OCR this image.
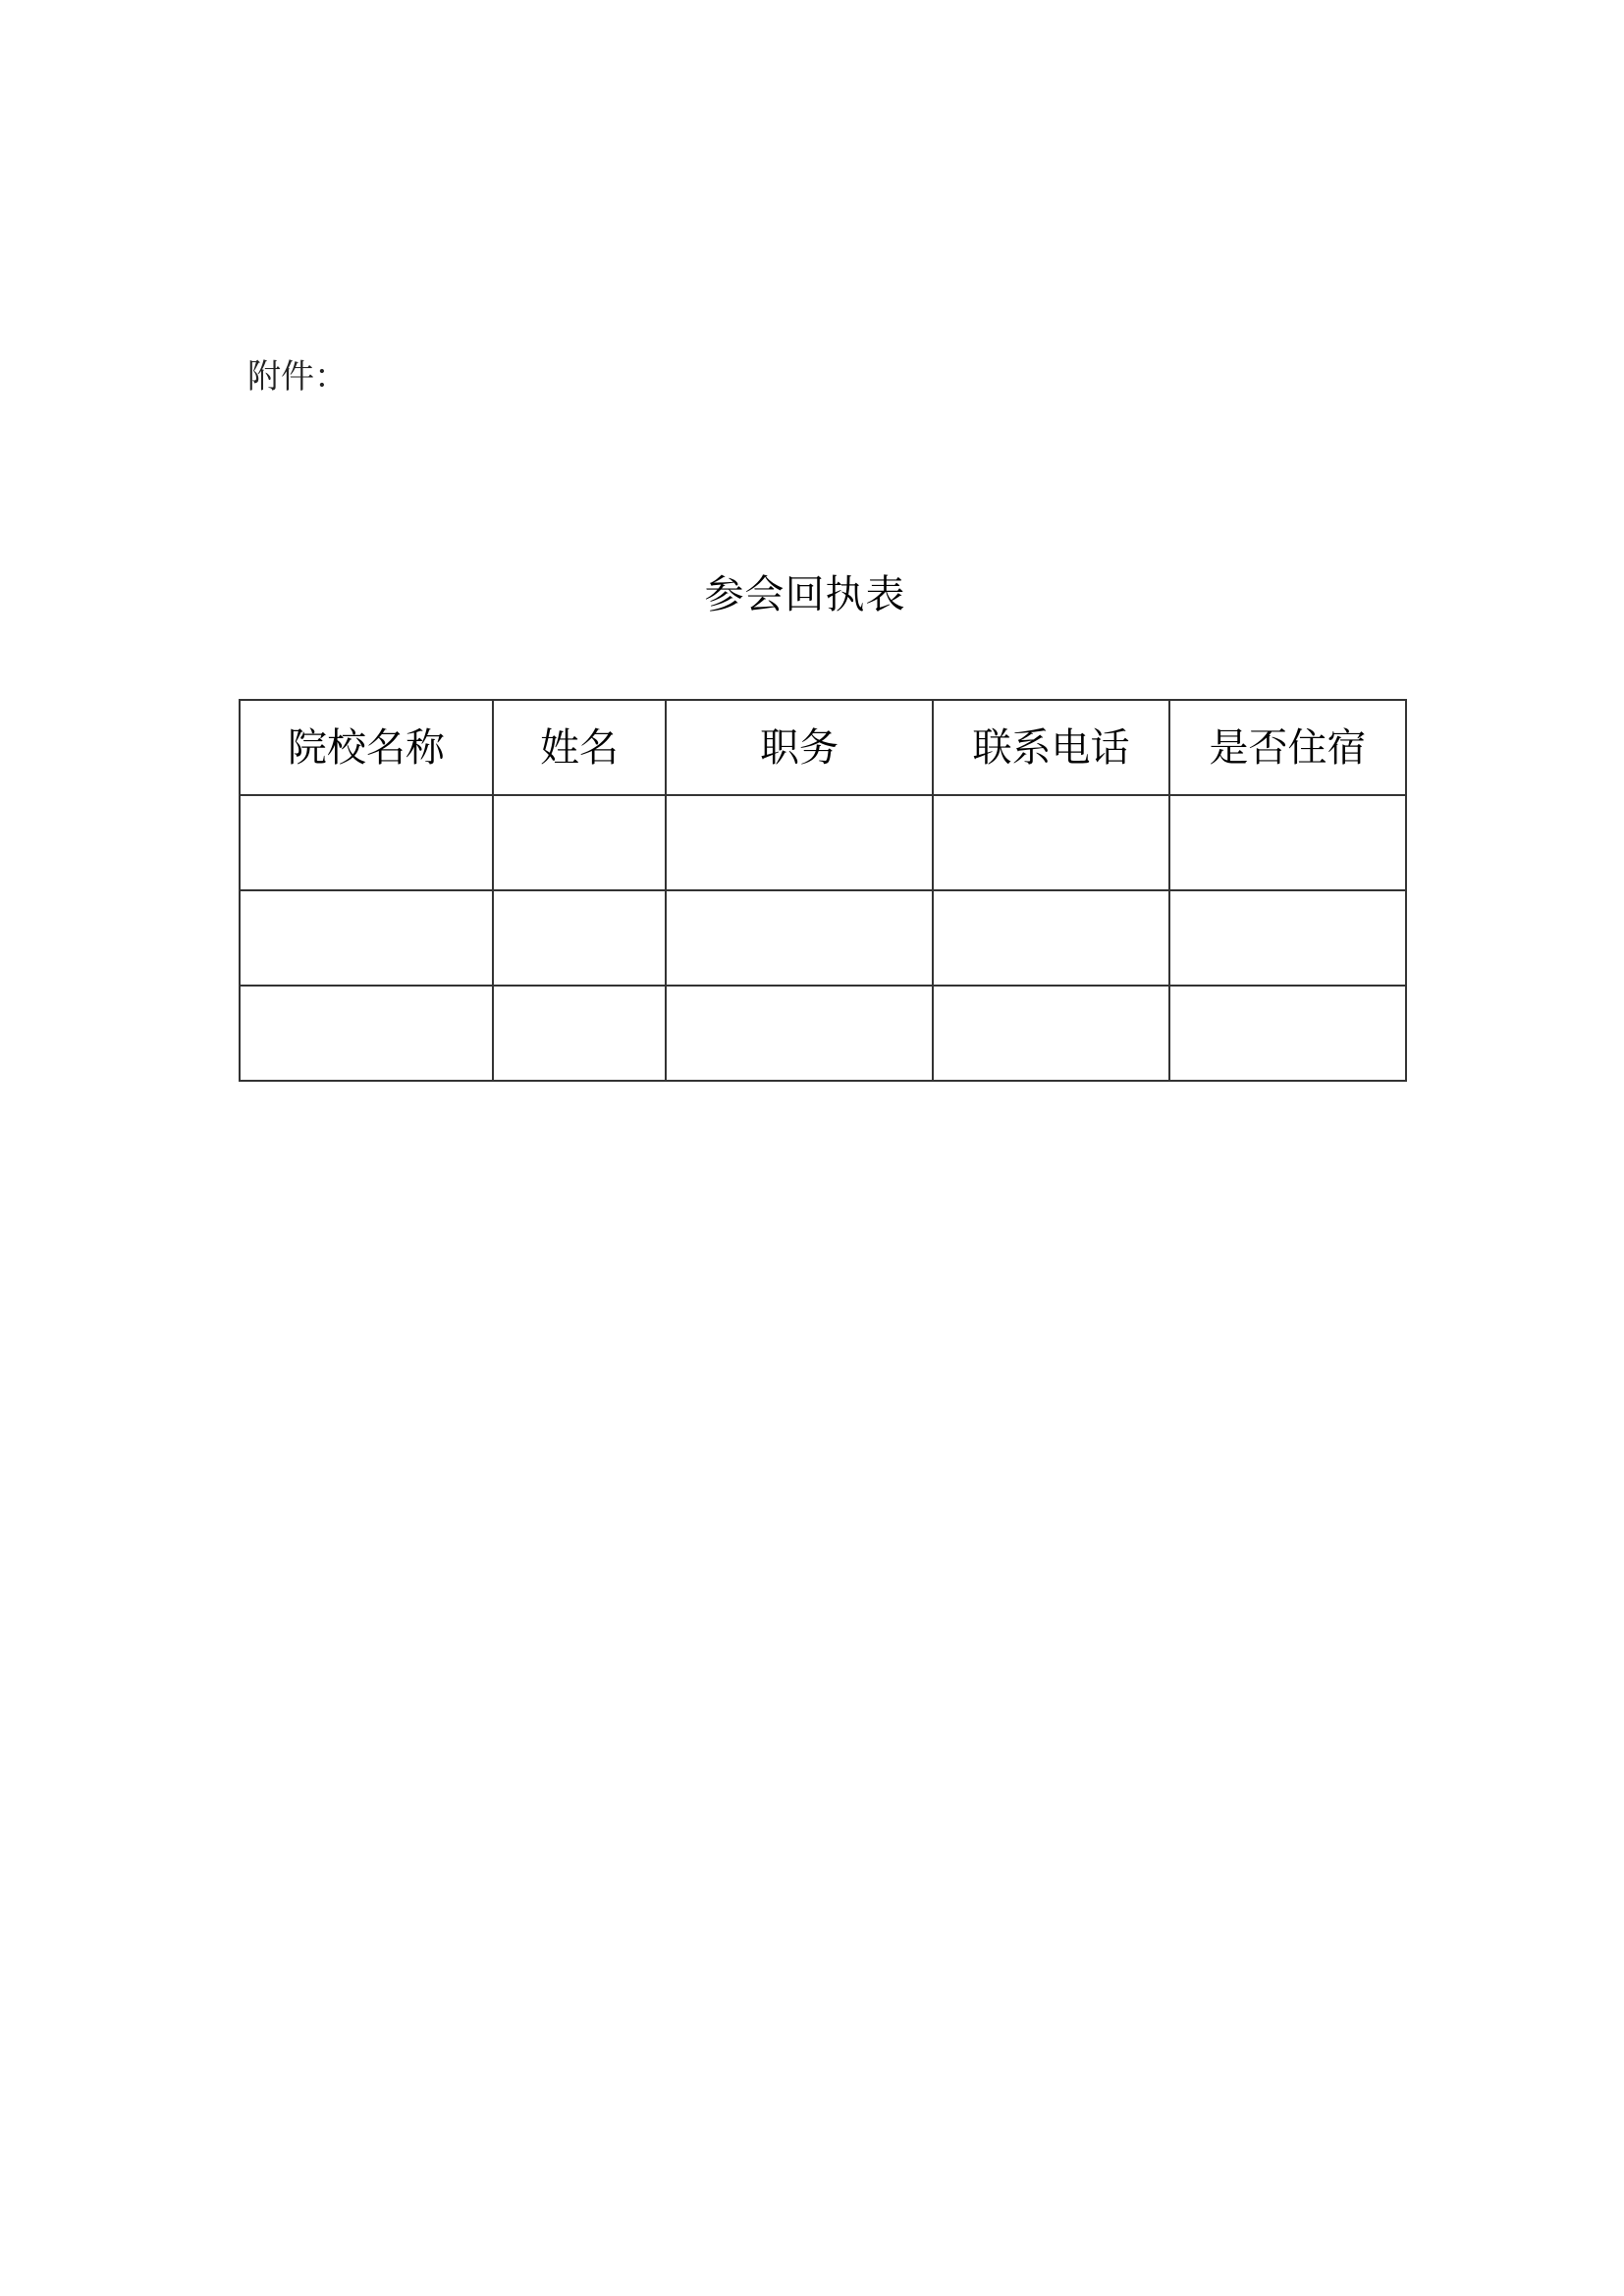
附件：
参会回执表
院校名称	姓名	职务	联系电话	是否住宿
